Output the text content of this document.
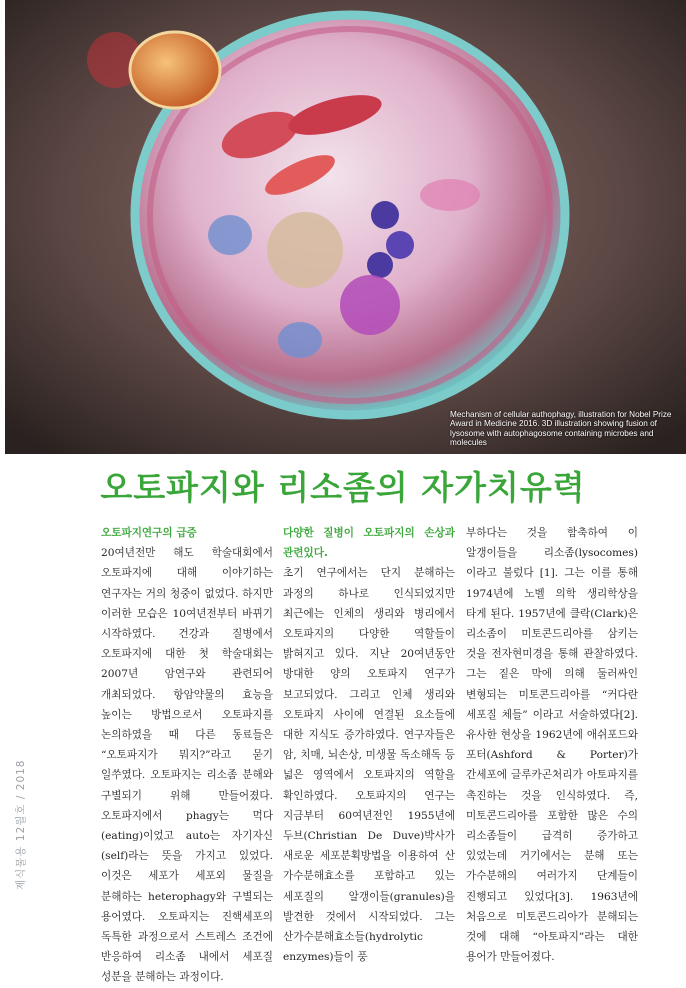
Mechanism of cellular authophagy, illustration for Nobel Prize Award in Medicine 2016. 3D illustration showing fusion of lysosome with autophagosome containing microbes and molecules
오토파지와 리소좀의 자가치유력
제식물용 12월호 / 2018
오토파지연구의 급증

20여년전만 해도 학술대회에서 오토파지에 대해 이야기하는 연구자는 거의 청중이 없었다. 하지만 이러한 모습은 10여년전부터 바뀌기 시작하였다. 건강과 질병에서 오토파지에 대한 첫 학술대회는 2007년 암연구와 관련되어 개최되었다. 항암약물의 효능을 높이는 방법으로서 오토파지를 논의하였을 때 다른 동료들은 “오토파지가 뭐지?”라고 묻기 일쑤였다. 오토파지는 리소좀 분해와 구별되기 위해 만들어졌다. 오토파지에서 phagy는 먹다(eating)이었고 auto는 자기자신(self)라는 뜻을 가지고 있었다. 이것은 세포가 세포외 물질을 분해하는 heterophagy와 구별되는 용어였다. 오토파지는 진핵세포의 독특한 과정으로서 스트레스 조건에 반응하여 리소좀 내에서 세포질 성분을 분해하는 과정이다.

다양한 질병이 오토파지의 손상과 관련있다.

초기 연구에서는 단지 분해하는 과정의 하나로 인식되었지만 최근에는 인체의 생리와 병리에서 오토파지의 다양한 역할들이 밝혀지고 있다. 지난 20여년동안 방대한 양의 오토파지 연구가 보고되었다. 그리고 인체 생리와 오토파지 사이에 연결된 요소들에 대한 지식도 증가하였다. 연구자들은 암, 치매, 뇌손상, 미생물 독소해독 등 넓은 영역에서 오토파지의 역할을 확인하였다. 오토파지의 연구는 지금부터 60여년전인 1955년에 두브(Christian De Duve)박사가 새로운 세포분획방법을 이용하여 산 가수분해효소를 포함하고 있는 세포질의 알갱이들(granules)을 발견한 것에서 시작되었다. 그는 산가수분해효소들(hydrolytic enzymes)들이 풍

부하다는 것을 함축하여 이 알갱이들을 리소좀(lysocomes)이라고 불렀다 [1]. 그는 이를 통해 1974년에 노벨 의학 생리학상을 타게 된다. 1957년에 클락(Clark)은 리소좀이 미토콘드리아를 삼키는 것을 전자현미경을 통해 관찰하였다. 그는 짙은 막에 의해 둘러싸인 변형되는 미토콘드리아를 “커다란 세포질 체들” 이라고 서술하였다[2]. 유사한 현상을 1962년에 애쉬포드와 포터(Ashford & Porter)가 간세포에 글루카곤처리가 아토파지를 촉진하는 것을 인식하였다. 즉, 미토콘드리아를 포함한 많은 수의 리소좀들이 급격히 증가하고 있었는데 거기에서는 분해 또는 가수분해의 여러가지 단계들이 진행되고 있었다[3]. 1963년에 처음으로 미토콘드리아가 분해되는 것에 대해 “아토파지”라는 대한 용어가 만들어졌다.
